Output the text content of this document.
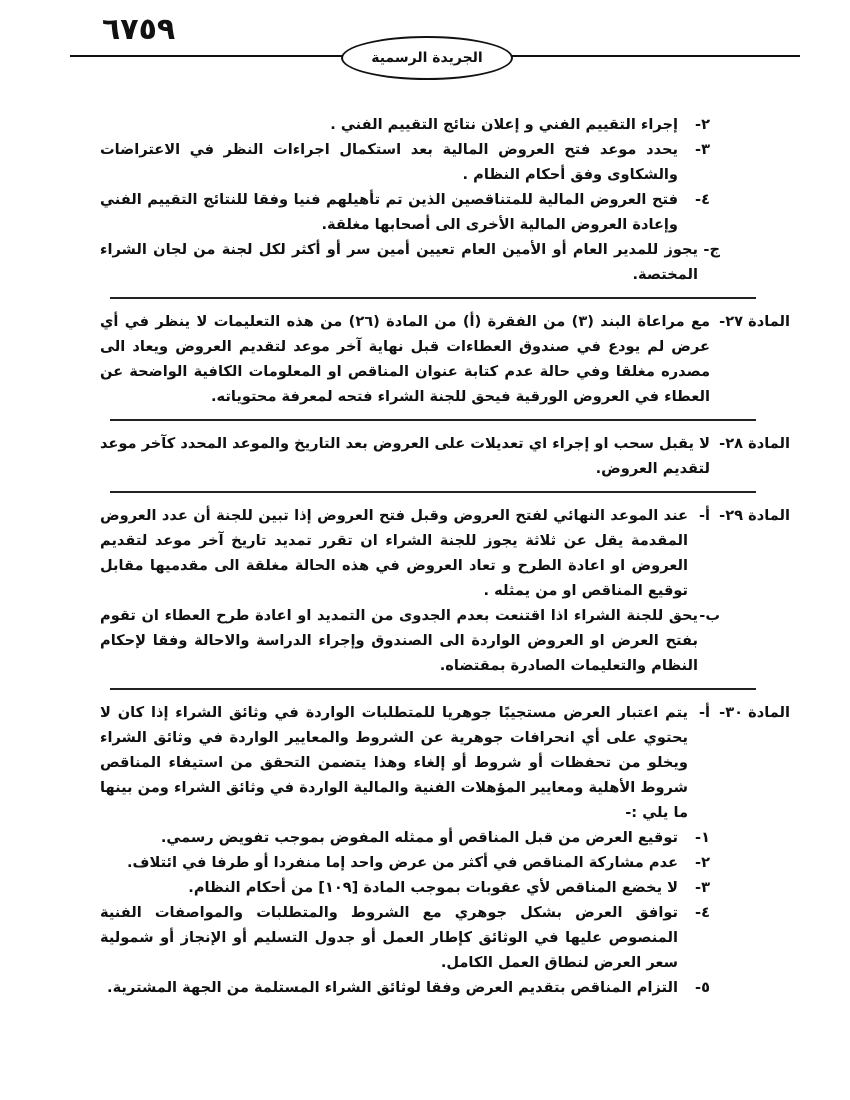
٦٧٥٩
الجريدة الرسمية
٢-
إجراء التقييم الفني و إعلان نتائج التقييم الفني .
٣-
يحدد موعد فتح العروض المالية بعد استكمال اجراءات النظر في الاعتراضات والشكاوى وفق أحكام النظام .
٤-
فتح العروض المالية للمتناقصين الذين تم تأهيلهم فنيا وفقا للنتائج التقييم الفني وإعادة العروض المالية الأخرى الى أصحابها مغلقة.
ج-
يجوز للمدير العام أو الأمين العام تعيين أمين سر أو أكثر لكل لجنة من لجان الشراء المختصة.
المادة ٢٧-
مع مراعاة البند (٣) من الفقرة (أ) من المادة (٢٦) من هذه التعليمات لا ينظر في أي عرض لم يودع في صندوق العطاءات قبل نهاية آخر موعد لتقديم العروض ويعاد الى مصدره مغلقا وفي حالة عدم كتابة عنوان المناقص او المعلومات الكافية الواضحة عن العطاء في العروض الورقية فيحق للجنة الشراء فتحه لمعرفة محتوياته.
المادة ٢٨-
لا يقبل سحب او إجراء اي تعديلات على العروض بعد التاريخ والموعد المحدد كآخر موعد لتقديم العروض.
المادة ٢٩-
أ-
عند الموعد النهائي لفتح العروض وقبل فتح العروض إذا تبين للجنة أن عدد العروض المقدمة يقل عن ثلاثة يجوز للجنة الشراء ان تقرر تمديد تاريخ آخر موعد لتقديم العروض او اعادة الطرح و تعاد العروض في هذه الحالة مغلقة الى مقدميها مقابل توقيع المناقص او من يمثله .
ب-
يحق للجنة الشراء اذا اقتنعت بعدم الجدوى من التمديد او اعادة طرح العطاء ان تقوم بفتح العرض او العروض الواردة الى الصندوق وإجراء الدراسة والاحالة وفقا لإحكام النظام والتعليمات الصادرة بمقتضاه.
المادة ٣٠-
أ-
يتم اعتبار العرض مستجيبًا جوهريا للمتطلبات الواردة في وثائق الشراء إذا كان لا يحتوي على أي انحرافات جوهرية عن الشروط والمعايير الواردة في وثائق الشراء ويخلو من تحفظات أو شروط أو إلغاء وهذا يتضمن التحقق من استيفاء المناقص شروط الأهلية ومعايير المؤهلات الفنية والمالية الواردة في وثائق الشراء ومن بينها ما يلي :-
١-
توقيع العرض من قبل المناقص أو ممثله المفوض بموجب تفويض رسمي.
٢-
عدم مشاركة المناقص في أكثر من عرض واحد إما منفردا أو طرفا في ائتلاف.
٣-
لا يخضع المناقص لأي عقوبات بموجب المادة [١٠٩] من أحكام النظام.
٤-
توافق العرض بشكل جوهري مع الشروط والمتطلبات والمواصفات الفنية المنصوص عليها في الوثائق كإطار العمل أو جدول التسليم أو الإنجاز أو شمولية سعر العرض لنطاق العمل الكامل.
٥-
التزام المناقص بتقديم العرض وفقا لوثائق الشراء المستلمة من الجهة المشترية.
